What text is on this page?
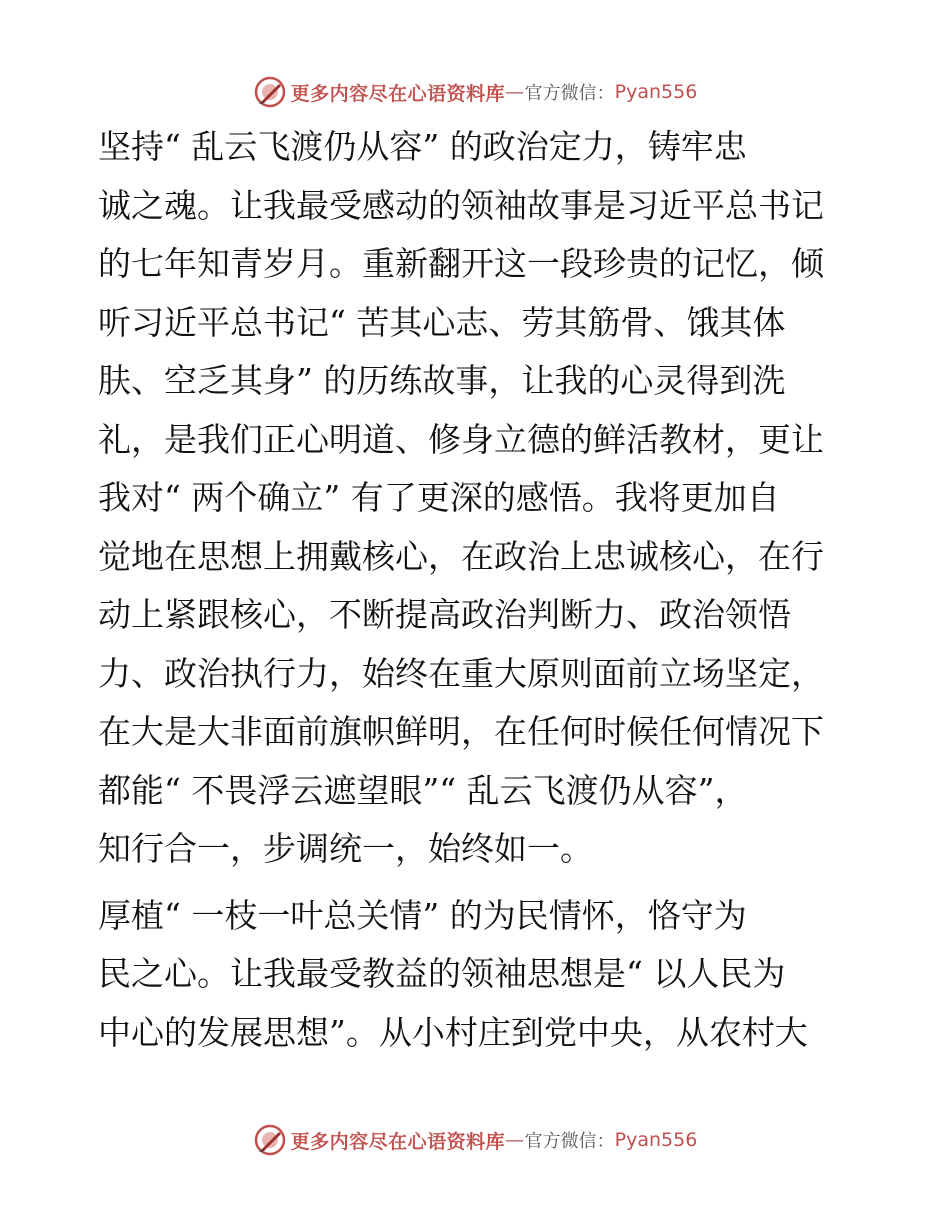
更多内容尽在心语资料库 — 官方微信： Pyan556

坚持“ 乱云飞渡仍从容” 的政治定力，铸牢忠
诚之魂。让我最受感动的领袖故事是习近平总书记
的七年知青岁月。重新翻开这一段珍贵的记忆，倾
听习近平总书记“ 苦其心志、劳其筋骨、饿其体
肤、空乏其身” 的历练故事，让我的心灵得到洗
礼，是我们正心明道、修身立德的鲜活教材，更让
我对“ 两个确立” 有了更深的感悟。我将更加自
觉地在思想上拥戴核心，在政治上忠诚核心，在行
动上紧跟核心，不断提高政治判断力、政治领悟
力、政治执行力，始终在重大原则面前立场坚定，
在大是大非面前旗帜鲜明，在任何时候任何情况下
都能“ 不畏浮云遮望眼”“ 乱云飞渡仍从容”，
知行合一，步调统一，始终如一。

厚植“ 一枝一叶总关情” 的为民情怀，恪守为
民之心。让我最受教益的领袖思想是“ 以人民为
中心的发展思想”。从小村庄到党中央，从农村大

更多内容尽在心语资料库 — 官方微信： Pyan556
